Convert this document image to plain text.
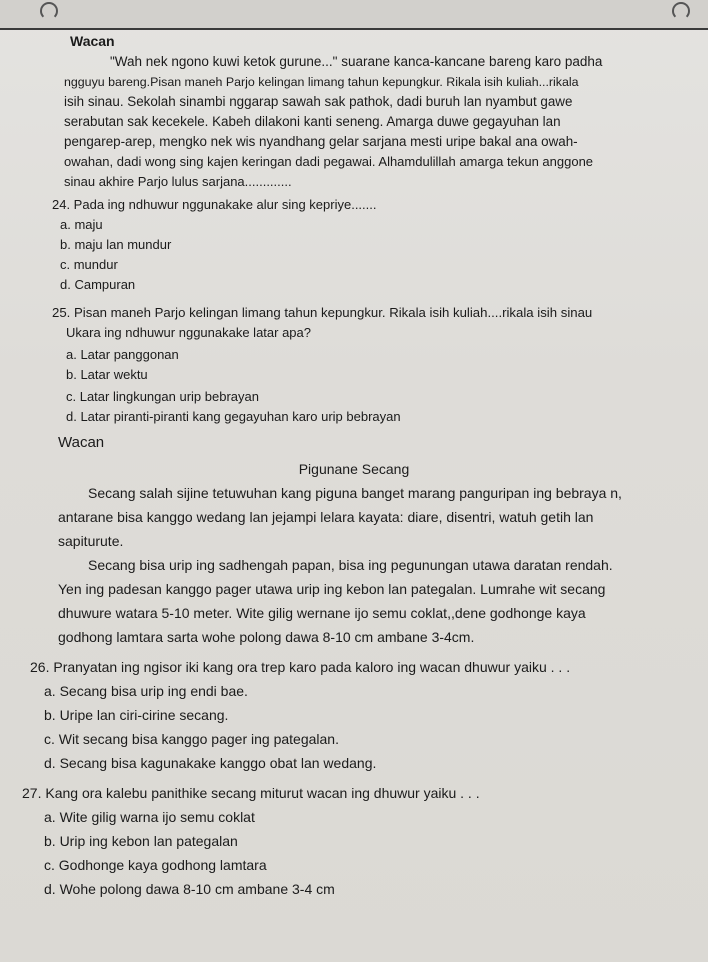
Wacan
"Wah nek ngono kuwi ketok gurune..." suarane kanca-kancane bareng karo padha
ngguyu bareng.Pisan maneh Parjo kelingan limang tahun kepungkur. Rikala isih kuliah...rikala
isih sinau. Sekolah sinambi nggarap sawah sak pathok, dadi buruh lan nyambut gawe
serabutan sak kecekele. Kabeh dilakoni kanti seneng. Amarga duwe gegayuhan lan
pengarep-arep, mengko nek wis nyandhang gelar sarjana mesti uripe bakal ana owah-
owahan, dadi wong sing kajen keringan dadi pegawai. Alhamdulillah amarga tekun anggone
sinau akhire Parjo lulus sarjana.............
24. Pada ing ndhuwur nggunakake alur sing kepriye.......
a. maju
b. maju lan mundur
c. mundur
d. Campuran
25. Pisan maneh Parjo kelingan limang tahun kepungkur. Rikala isih kuliah....rikala isih sinau
Ukara ing ndhuwur nggunakake latar apa?
a. Latar panggonan
b. Latar wektu
c. Latar lingkungan urip bebrayan
d. Latar piranti-piranti kang gegayuhan karo urip bebrayan
Wacan
Pigunane Secang
Secang salah sijine tetuwuhan kang piguna banget marang panguripan ing bebraya n,
antarane bisa kanggo wedang lan jejampi lelara kayata: diare, disentri, watuh getih lan
sapiturute.
Secang bisa urip ing sadhengah papan, bisa ing pegunungan utawa daratan rendah.
Yen ing padesan kanggo pager utawa urip ing kebon lan pategalan. Lumrahe wit secang
dhuwure watara 5-10 meter. Wite gilig wernane ijo semu coklat,,dene godhonge kaya
godhong lamtara sarta wohe polong dawa 8-10 cm ambane 3-4cm.
26. Pranyatan ing ngisor iki kang ora trep karo pada kaloro ing wacan dhuwur yaiku . . .
a. Secang bisa urip ing endi bae.
b. Uripe lan ciri-cirine secang.
c. Wit secang bisa kanggo pager ing pategalan.
d. Secang bisa kagunakake kanggo obat lan wedang.
27. Kang ora kalebu panithike secang miturut wacan ing dhuwur yaiku . . .
a. Wite gilig warna ijo semu coklat
b. Urip ing kebon lan pategalan
c. Godhonge kaya godhong lamtara
d. Wohe polong dawa 8-10 cm ambane 3-4 cm
